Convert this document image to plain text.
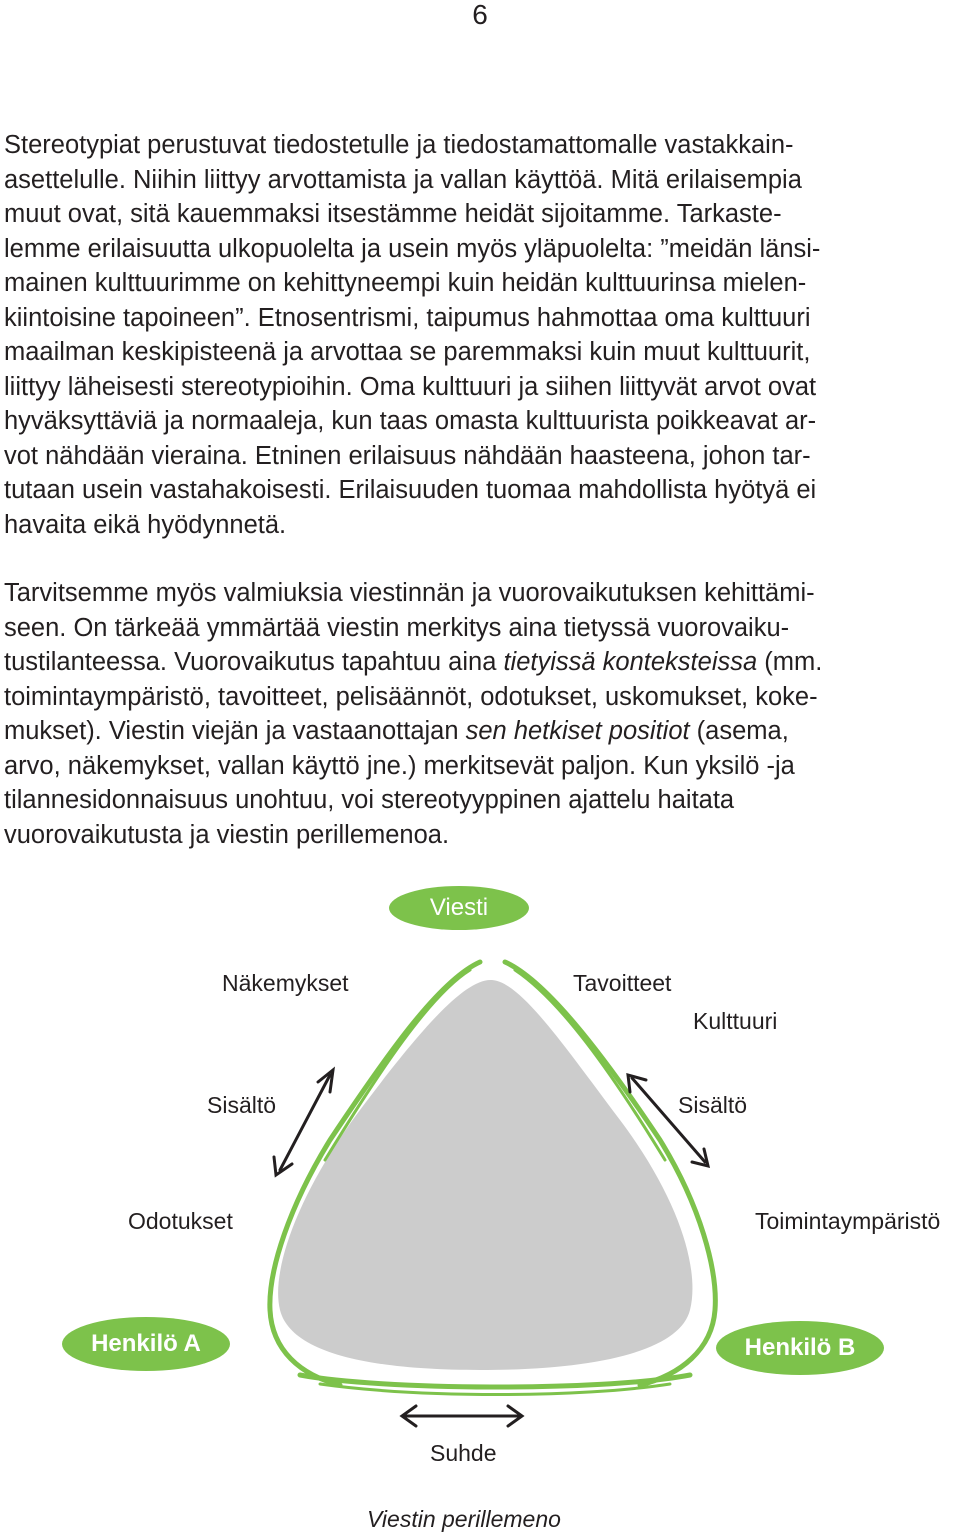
6
Stereotypiat perustuvat tiedostetulle ja tiedostamattomalle vastakkain-
asettelulle. Niihin liittyy arvottamista ja vallan käyttöä. Mitä erilaisempia
muut ovat, sitä kauemmaksi itsestämme heidät sijoitamme. Tarkaste-
lemme erilaisuutta ulkopuolelta ja usein myös yläpuolelta: ”meidän länsi-
mainen kulttuurimme on kehittyneempi kuin heidän kulttuurinsa mielen-
kiintoisine tapoineen”. Etnosentrismi, taipumus hahmottaa oma kulttuuri
maailman keskipisteenä ja arvottaa se paremmaksi kuin muut kulttuurit,
liittyy läheisesti stereotypioihin. Oma kulttuuri ja siihen liittyvät arvot ovat
hyväksyttäviä ja normaaleja, kun taas omasta kulttuurista poikkeavat ar-
vot nähdään vieraina. Etninen erilaisuus nähdään haasteena, johon tar-
tutaan usein vastahakoisesti. Erilaisuuden tuomaa mahdollista hyötyä ei
havaita eikä hyödynnetä.
Tarvitsemme myös valmiuksia viestinnän ja vuorovaikutuksen kehittämi-
seen. On tärkeää ymmärtää viestin merkitys aina tietyssä vuorovaiku-
tustilanteessa. Vuorovaikutus tapahtuu aina tietyissä konteksteissa (mm.
toimintaympäristö, tavoitteet, pelisäännöt, odotukset, uskomukset, koke-
mukset). Viestin viejän ja vastaanottajan sen hetkiset positiot (asema,
arvo, näkemykset, vallan käyttö jne.) merkitsevät paljon. Kun yksilö -ja
tilannesidonnaisuus unohtuu, voi stereotyyppinen ajattelu haitata
vuorovaikutusta ja viestin perillemenoa.
Viesti
Henkilö A	Henkilö B
Näkemykset	Tavoitteet
Kulttuuri
Sisältö	Sisältö
Odotukset	Toimintaympäristö
Suhde
Viestin perillemeno
